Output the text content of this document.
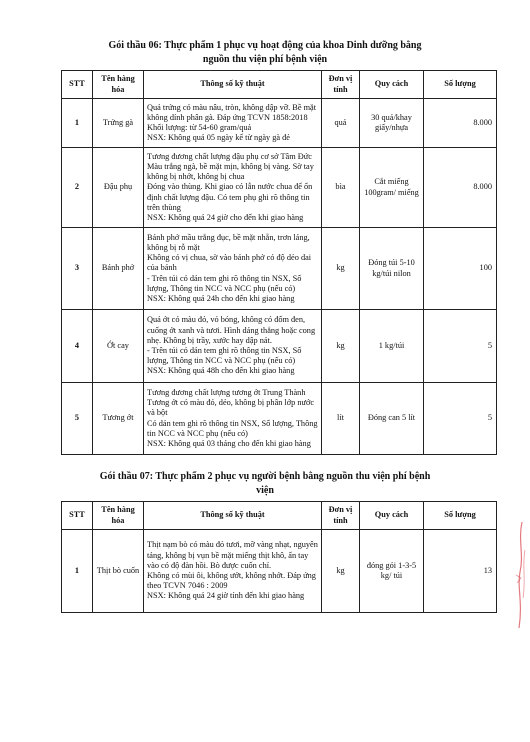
Gói thầu 06: Thực phẩm 1 phục vụ hoạt động của khoa Dinh dưỡng bằng
nguồn thu viện phí bệnh viện
STT	Tên hàng hóa	Thông số kỹ thuật	Đơn vị tính	Quy cách	Số lượng
1	Trứng gà	Quả trứng có màu nâu, tròn, không dập vỡ. Bề mặt không dính phân gà. Đáp ứng TCVN 1858:2018
Khối lượng: từ 54-60 gram/quả
NSX: Không quá 05 ngày kể từ ngày gà đẻ	quả	30 quả/khay giấy/nhựa	8.000
2	Đậu phụ	Tương đương chất lượng đậu phụ cơ sở Tâm Đức
Màu trắng ngà, bề mặt mịn, không bị vàng. Sờ tay không bị nhớt, không bị chua
Đóng vào thùng. Khi giao có lẫn nước chua để ổn định chất lượng đậu. Có tem phụ ghi rõ thông tin trên thùng
NSX: Không quá 24 giờ cho đến khi giao hàng	bìa	Cắt miếng 100gram/ miếng	8.000
3	Bánh phở	Bánh phở mầu trắng đục, bề mặt nhẵn, trơn láng, không bị rỗ mặt
Không có vị chua, sờ vào bánh phở có độ dẻo dai của bánh
- Trên túi có dán tem ghi rõ thông tin NSX, Số lượng, Thông tin NCC và NCC phụ (nếu có)
NSX: Không quá 24h cho đến khi giao hàng	kg	Đóng túi 5-10 kg/túi nilon	100
4	Ớt cay	Quả ớt có màu đỏ, vỏ bóng, không có đốm đen, cuống ớt xanh và tươi. Hình dáng thẳng hoặc cong nhẹ. Không bị trầy, xước hay dập nát.
- Trên túi có dán tem ghi rõ thông tin NSX, Số lượng, Thông tin NCC và NCC phụ (nếu có)
NSX: Không quá 48h cho đến khi giao hàng	kg	1 kg/túi	5
5	Tương ớt	Tương đương chất lượng tương ớt Trung Thành
Tương ớt có màu đỏ, dẻo, không bị phân lớp nước và bột
Có dán tem ghi rõ thông tin NSX, Số lượng, Thông tin NCC và NCC phụ (nếu có)
NSX: Không quá 03 tháng cho đến khi giao hàng	lít	Đóng can 5 lít	5
Gói thầu 07: Thực phẩm 2 phục vụ người bệnh bằng nguồn thu viện phí bệnh
viện
STT	Tên hàng hóa	Thông số kỹ thuật	Đơn vị tính	Quy cách	Số lượng
1	Thịt bò cuốn	Thịt nạm bò có màu đỏ tươi, mỡ vàng nhạt, nguyên tảng, không bị vụn bề mặt miếng thịt khô, ấn tay vào có độ đàn hồi. Bò được cuốn chỉ.
Không có mùi ôi, không ướt, không nhớt. Đáp ứng theo TCVN 7046 : 2009
NSX: Không quá 24 giờ tính đến khi giao hàng	kg	đóng gói 1-3-5 kg/ túi	13
